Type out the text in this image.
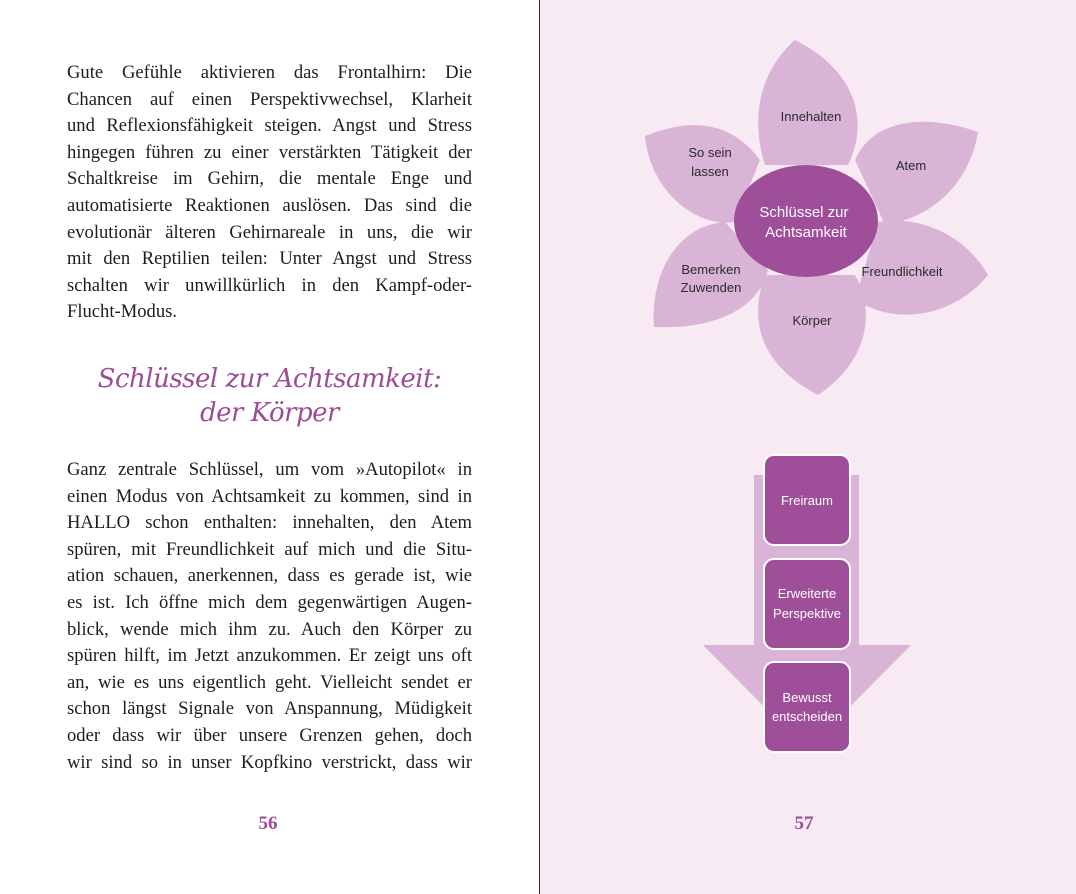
Gute Gefühle aktivieren das Frontalhirn: Die
Chancen auf einen Perspektivwechsel, Klarheit
und Reflexionsfähigkeit steigen. Angst und Stress
hingegen führen zu einer verstärkten Tätigkeit der
Schaltkreise im Gehirn, die mentale Enge und
automatisierte Reaktionen auslösen. Das sind die
evolutionär älteren Gehirnareale in uns, die wir
mit den Reptilien teilen: Unter Angst und Stress
schalten wir unwillkürlich in den Kampf-oder-
Flucht-Modus.
Schlüssel zur Achtsamkeit:
der Körper
Ganz zentrale Schlüssel, um vom »Autopilot« in
einen Modus von Achtsamkeit zu kommen, sind in
HALLO schon enthalten: innehalten, den Atem
spüren, mit Freundlichkeit auf mich und die Situ-
ation schauen, anerkennen, dass es gerade ist, wie
es ist. Ich öffne mich dem gegenwärtigen Augen-
blick, wende mich ihm zu. Auch den Körper zu
spüren hilft, im Jetzt anzukommen. Er zeigt uns oft
an, wie es uns eigentlich geht. Vielleicht sendet er
schon längst Signale von Anspannung, Müdigkeit
oder dass wir über unsere Grenzen gehen, doch
wir sind so in unser Kopfkino verstrickt, dass wir
56
Schlüssel zur Achtsamkeit
Innehalten
Atem
Freundlichkeit
Körper
Bemerken
Zuwenden
So sein
lassen
Freiraum
Erweiterte
Perspektive
Bewusst
entscheiden
57
